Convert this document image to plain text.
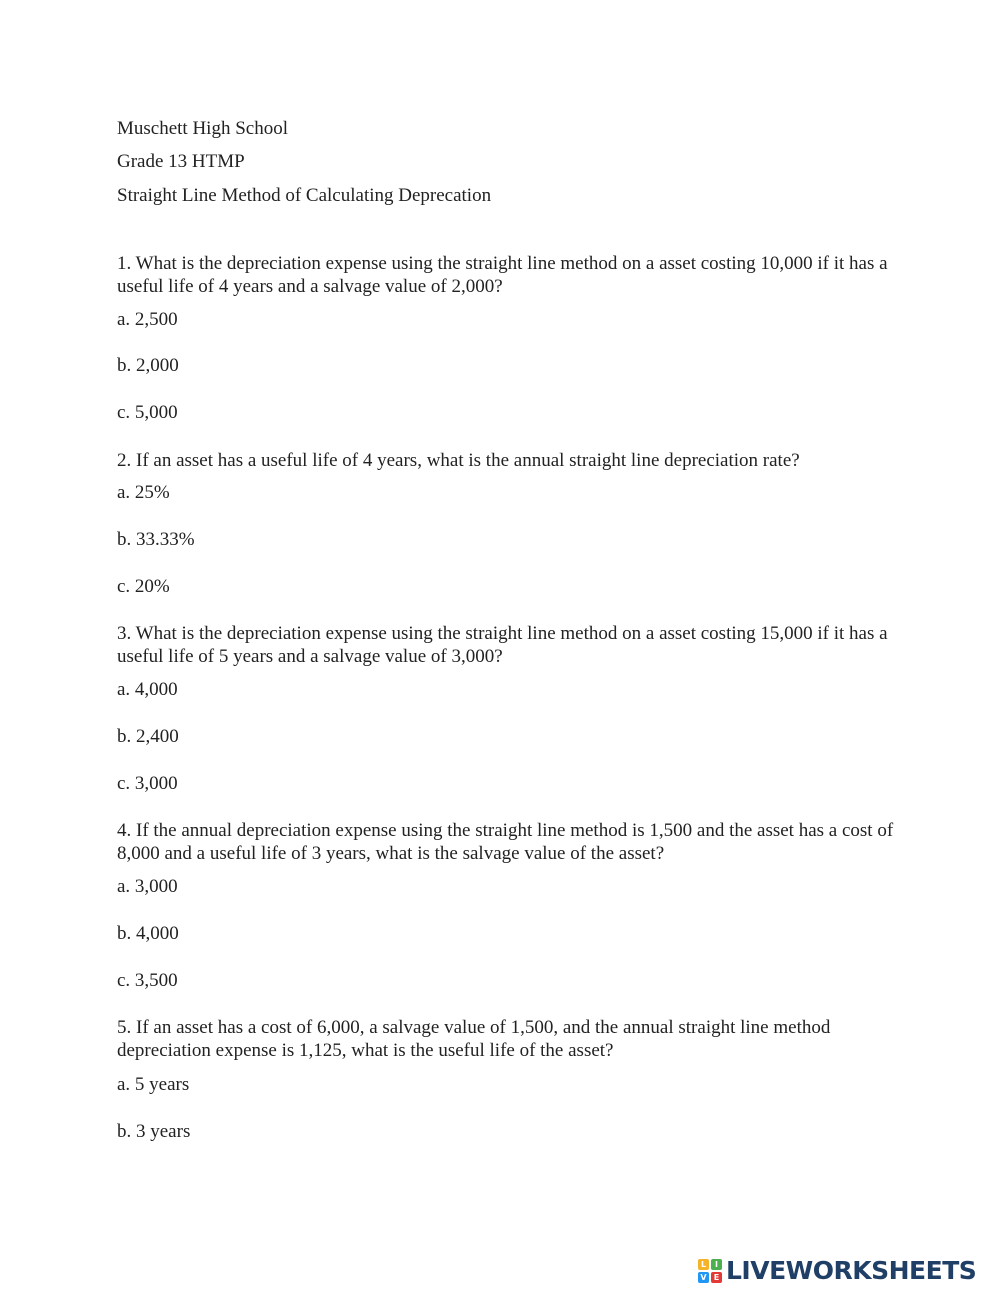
Muschett High School
Grade 13 HTMP
Straight Line Method of Calculating Deprecation
1. What is the depreciation expense using the straight line method on a asset costing 10,000 if it has a useful life of 4 years and a salvage value of 2,000?
a. 2,500
b. 2,000
c. 5,000
2. If an asset has a useful life of 4 years, what is the annual straight line depreciation rate?
a. 25%
b. 33.33%
c. 20%
3. What is the depreciation expense using the straight line method on a asset costing 15,000 if it has a useful life of 5 years and a salvage value of 3,000?
a. 4,000
b. 2,400
c. 3,000
4. If the annual depreciation expense using the straight line method is 1,500 and the asset has a cost of 8,000 and a useful life of 3 years, what is the salvage value of the asset?
a. 3,000
b. 4,000
c. 3,500
5. If an asset has a cost of 6,000, a salvage value of 1,500, and the annual straight line method depreciation expense is 1,125, what is the useful life of the asset?
a. 5 years
b. 3 years
L	I
V E LIVEWORKSHEETS
